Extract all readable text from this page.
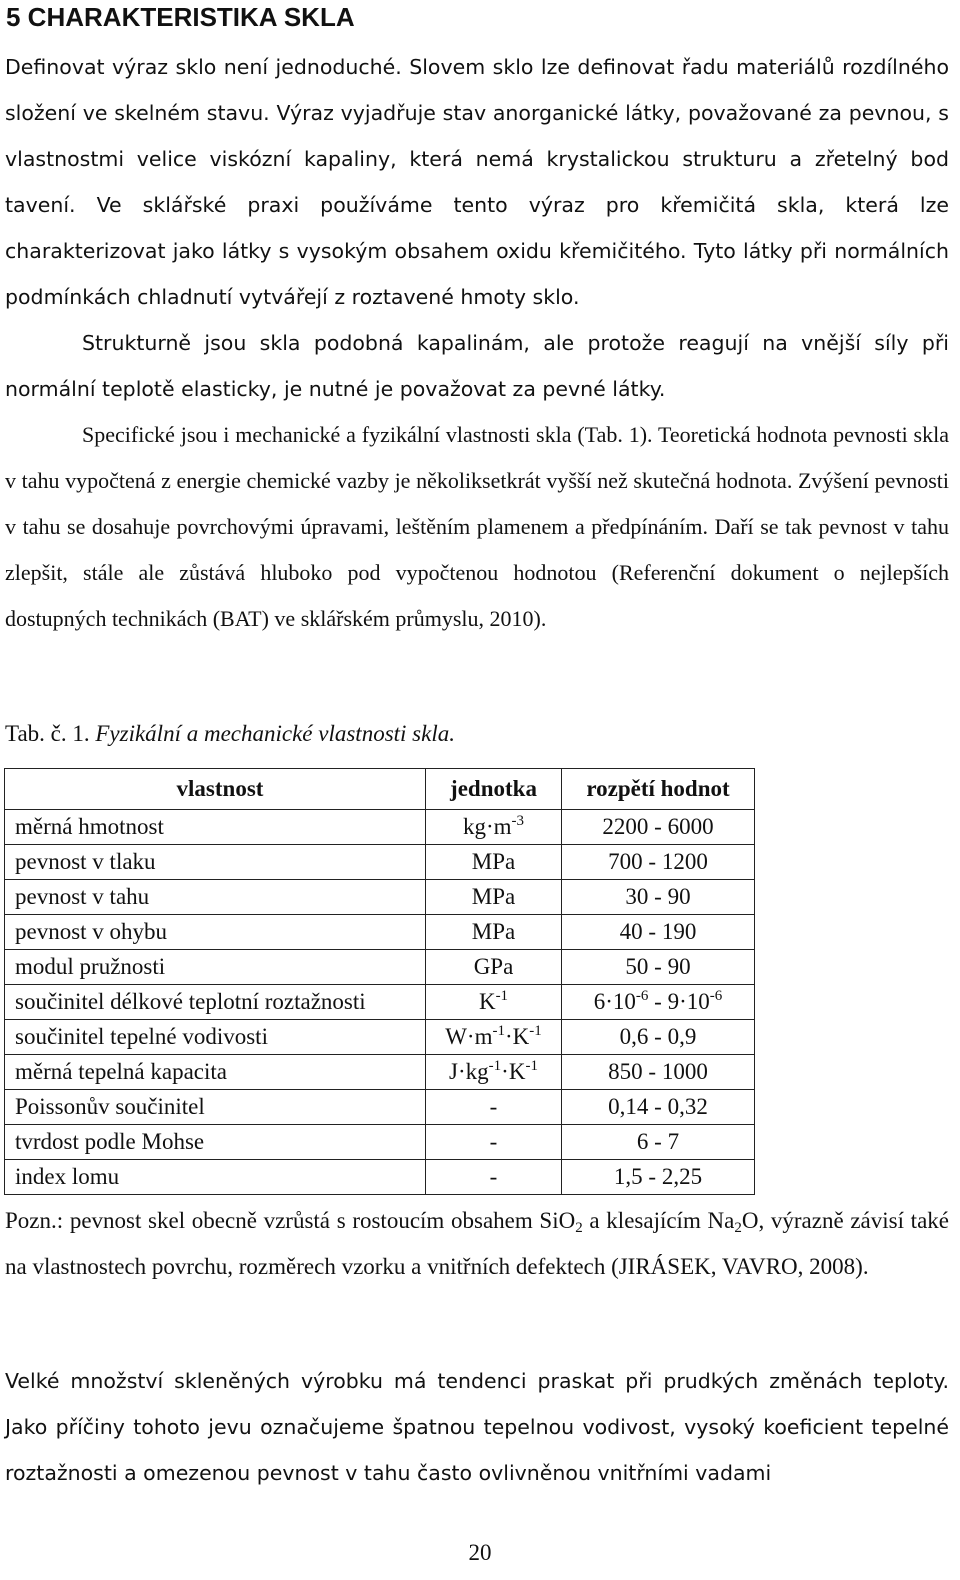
5 CHARAKTERISTIKA SKLA

Definovat výraz sklo není jednoduché. Slovem sklo lze definovat řadu materiálů rozdílného složení ve skelném stavu. Výraz vyjadřuje stav anorganické látky, považované za pevnou, s vlastnostmi velice viskózní kapaliny, která nemá krystalickou strukturu a zřetelný bod tavení. Ve sklářské praxi používáme tento výraz pro křemičitá skla, která lze charakterizovat jako látky s vysokým obsahem oxidu křemičitého. Tyto látky při normálních podmínkách chladnutí vytvářejí z roztavené hmoty sklo.

Strukturně jsou skla podobná kapalinám, ale protože reagují na vnější síly při normální teplotě elasticky, je nutné je považovat za pevné látky.

Specifické jsou i mechanické a fyzikální vlastnosti skla (Tab. 1). Teoretická hodnota pevnosti skla v tahu vypočtená z energie chemické vazby je několiksetkrát vyšší než skutečná hodnota. Zvýšení pevnosti v tahu se dosahuje povrchovými úpravami, leštěním plamenem a předpínáním. Daří se tak pevnost v tahu zlepšit, stále ale zůstává hluboko pod vypočtenou hodnotou (Referenční dokument o nejlepších dostupných technikách (BAT) ve sklářském průmyslu, 2010).

Tab. č. 1. Fyzikální a mechanické vlastnosti skla.

vlastnost	jednotka	rozpětí hodnot
měrná hmotnost	$kg\cdot m^{-3}$	2200 - 6000
pevnost v tlaku	MPa	700 - 1200
pevnost v tahu	MPa	30 - 90
pevnost v ohybu	MPa	40 - 190
modul pružnosti	GPa	50 - 90
součinitel délkové teplotní roztažnosti	$K^{-1}$	$6\cdot 10^{-6} - 9\cdot 10^{-6}$
součinitel tepelné vodivosti	$W\cdot m^{-1}\cdot K^{-1}$	0,6 - 0,9
měrná tepelná kapacita	$J\cdot kg^{-1}\cdot K^{-1}$	850 - 1000
Poissonův součinitel	-	0,14 - 0,32
tvrdost podle Mohse	-	6 - 7
index lomu	-	1,5 - 2,25

Pozn.: pevnost skel obecně vzrůstá s rostoucím obsahem SiO$_2$ a klesajícím $Na_2O$, výrazně závisí také na vlastnostech povrchu, rozměrech vzorku a vnitřních defektech (JIRÁSEK, VAVRO, 2008).

Velké množství skleněných výrobku má tendenci praskat při prudkých změnách teploty. Jako příčiny tohoto jevu označujeme špatnou tepelnou vodivost, vysoký koeficient tepelné roztažnosti a omezenou pevnost v tahu často ovlivněnou vnitřními vadami

20
